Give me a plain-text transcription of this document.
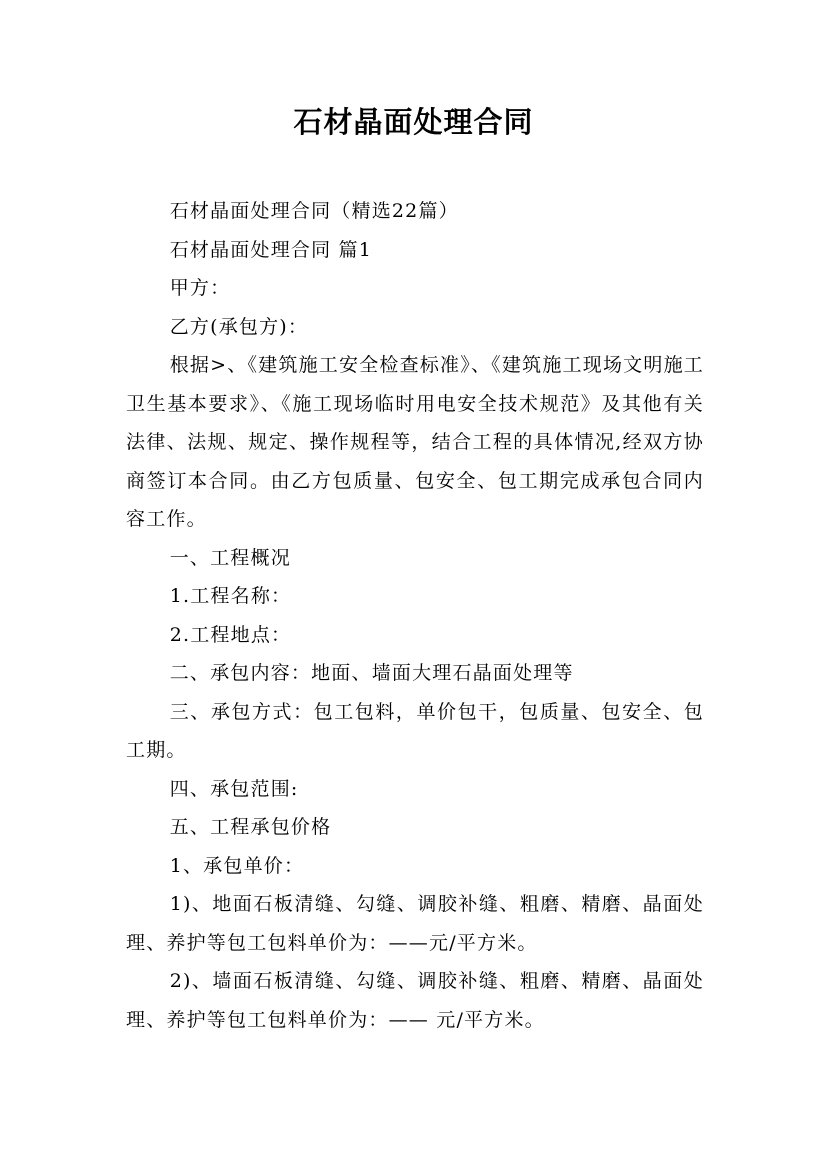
石材晶面处理合同

石材晶面处理合同（精选22篇）

石材晶面处理合同 篇1

甲方：

乙方(承包方)：

根据>、《建筑施工安全检查标准》、《建筑施工现场文明施工卫生基本要求》、《施工现场临时用电安全技术规范》及其他有关法律、法规、规定、操作规程等，结合工程的具体情况,经双方协商签订本合同。由乙方包质量、包安全、包工期完成承包合同内容工作。

一、工程概况

1.工程名称：

2.工程地点：

二、承包内容：地面、墙面大理石晶面处理等

三、承包方式：包工包料，单价包干，包质量、包安全、包工期。

四、承包范围:

五、工程承包价格

1、承包单价：

1)、地面石板清缝、勾缝、调胶补缝、粗磨、精磨、晶面处理、养护等包工包料单价为：——元/平方米。

2)、墙面石板清缝、勾缝、调胶补缝、粗磨、精磨、晶面处理、养护等包工包料单价为：—— 元/平方米。
